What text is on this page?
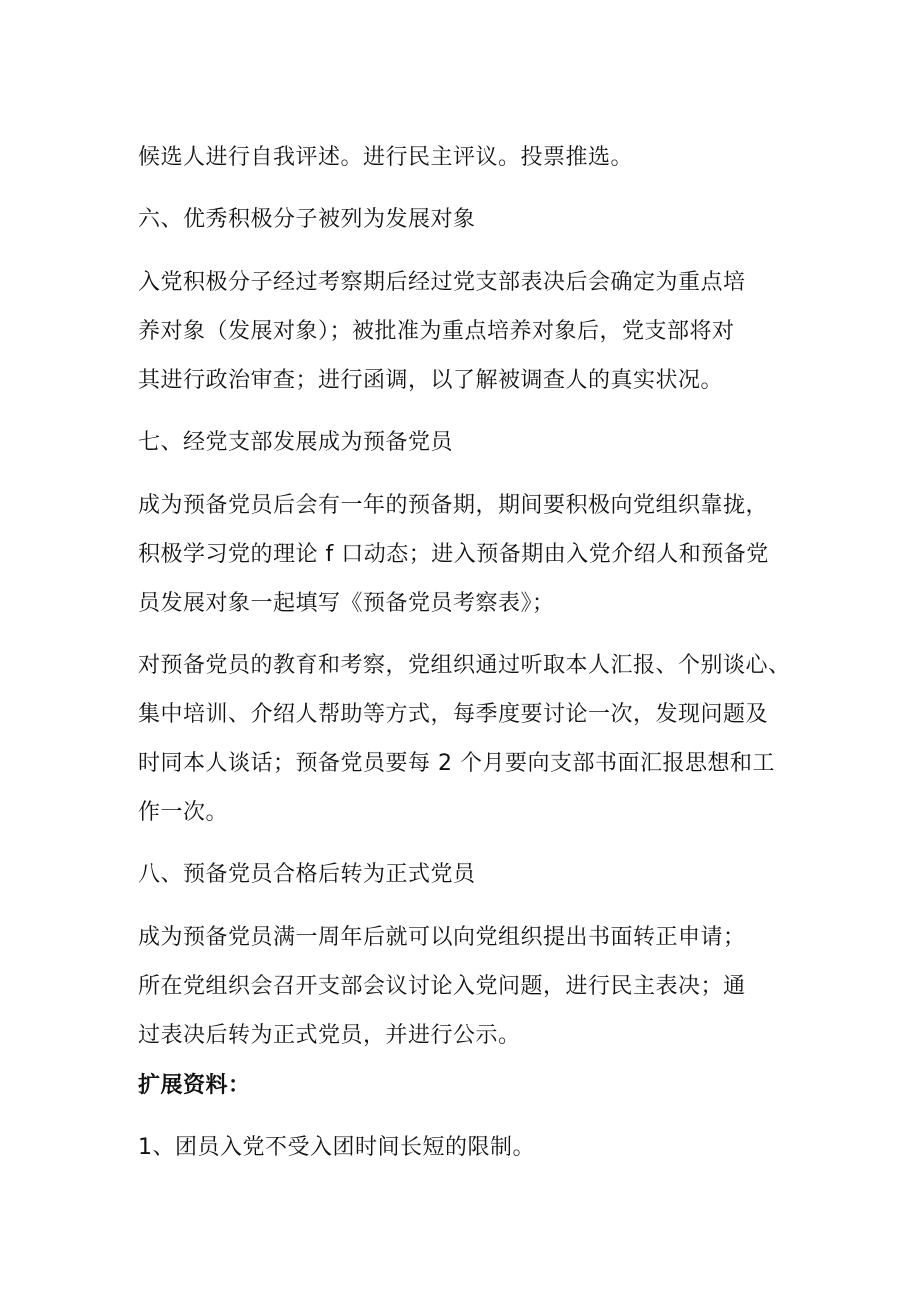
候选人进行自我评述。进行民主评议。投票推选。

六、优秀积极分子被列为发展对象

入党积极分子经过考察期后经过党支部表决后会确定为重点培

养对象（发展对象）；被批准为重点培养对象后，党支部将对

其进行政治审查；进行函调，以了解被调查人的真实状况。

七、经党支部发展成为预备党员

成为预备党员后会有一年的预备期，期间要积极向党组织靠拢，

积极学习党的理论 f 口动态；进入预备期由入党介绍人和预备党

员发展对象一起填写《预备党员考察表》；

对预备党员的教育和考察，党组织通过听取本人汇报、个别谈心、

集中培训、介绍人帮助等方式，每季度要讨论一次，发现问题及

时同本人谈话；预备党员要每 2 个月要向支部书面汇报思想和工

作一次。

八、预备党员合格后转为正式党员

成为预备党员满一周年后就可以向党组织提出书面转正申请；

所在党组织会召开支部会议讨论入党问题，进行民主表决；通

过表决后转为正式党员，并进行公示。

扩展资料：

1、团员入党不受入团时间长短的限制。
